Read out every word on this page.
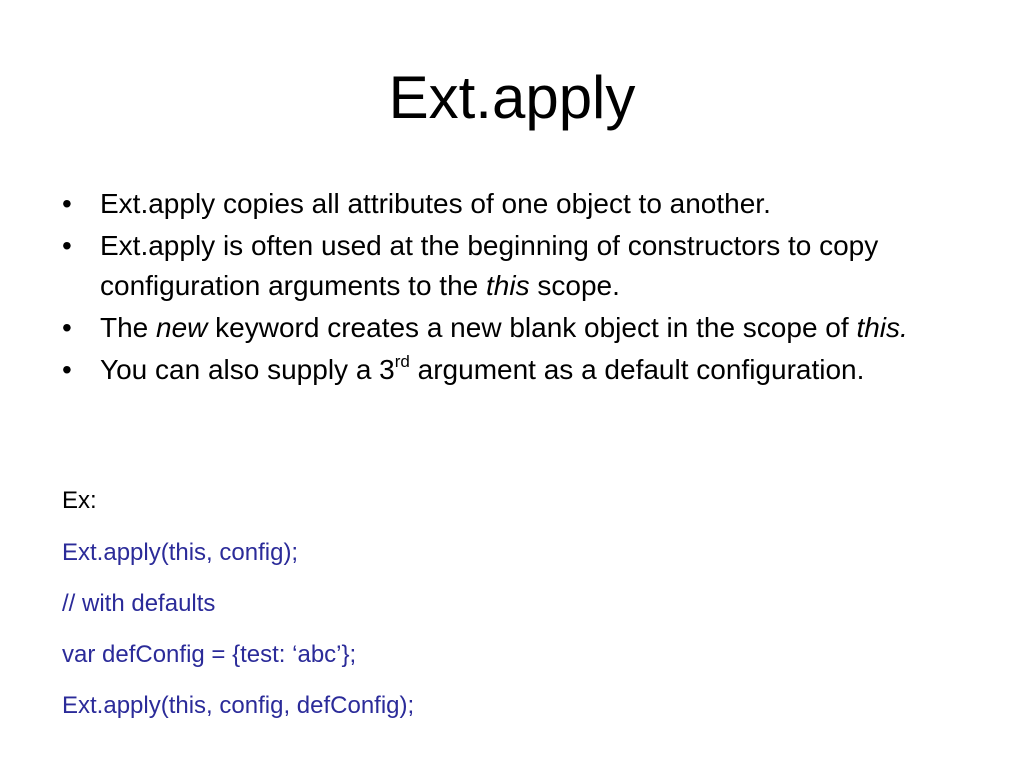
Ext.apply
•	Ext.apply copies all attributes of one object to another.
•	Ext.apply is often used at the beginning of constructors to copy configuration arguments to the this scope.
•	The new keyword creates a new blank object in the scope of this.
•	You can also supply a 3rd argument as a default configuration.

Ex:

Ext.apply(this, config);

// with defaults

var defConfig = {test: ‘abc’};

Ext.apply(this, config, defConfig);
